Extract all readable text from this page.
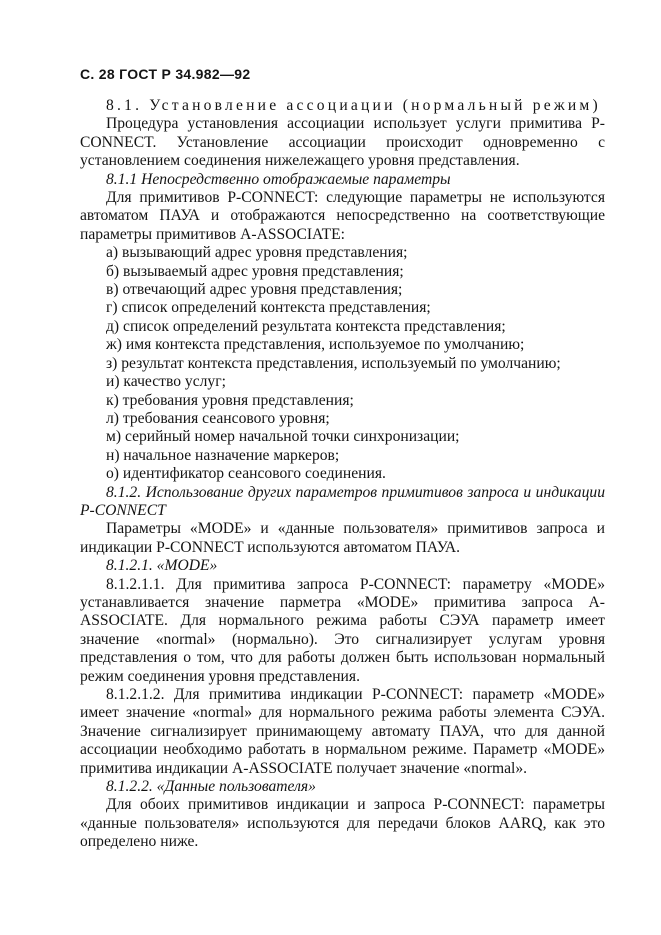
С. 28 ГОСТ Р 34.982—92

8.1. Установление ассоциации (нормальный режим)

Процедура установления ассоциации использует услуги примитива P-CONNECT. Установление ассоциации происходит одновременно с установлением соединения нижележащего уровня представления.

8.1.1 Непосредственно отображаемые параметры

Для примитивов P-CONNECT: следующие параметры не используются автоматом ПАУА и отображаются непосредственно на соответствующие параметры примитивов A-ASSOCIATE:

а) вызывающий адрес уровня представления;
б) вызываемый адрес уровня представления;
в) отвечающий адрес уровня представления;
г) список определений контекста представления;
д) список определений результата контекста представления;
ж) имя контекста представления, используемое по умолчанию;
з) результат контекста представления, используемый по умолчанию;
и) качество услуг;
к) требования уровня представления;
л) требования сеансового уровня;
м) серийный номер начальной точки синхронизации;
н) начальное назначение маркеров;
о) идентификатор сеансового соединения.

8.1.2. Использование других параметров примитивов запроса и индикации P-CONNECT

Параметры «MODE» и «данные пользователя» примитивов запроса и индикации P-CONNECT используются автоматом ПАУА.

8.1.2.1. «MODE»

8.1.2.1.1. Для примитива запроса P-CONNECT: параметру «MODE» устанавливается значение парметра «MODE» примитива запроса A-ASSOCIATE. Для нормального режима работы СЭУА параметр имеет значение «normal» (нормально). Это сигнализирует услугам уровня представления о том, что для работы должен быть использован нормальный режим соединения уровня представления.

8.1.2.1.2. Для примитива индикации P-CONNECT: параметр «MODE» имеет значение «normal» для нормального режима работы элемента СЭУА. Значение сигнализирует принимающему автомату ПАУА, что для данной ассоциации необходимо работать в нормальном режиме. Параметр «MODE» примитива индикации A-ASSOCIATE получает значение «normal».

8.1.2.2. «Данные пользователя»

Для обоих примитивов индикации и запроса P-CONNECT: параметры «данные пользователя» используются для передачи блоков AARQ, как это определено ниже.
